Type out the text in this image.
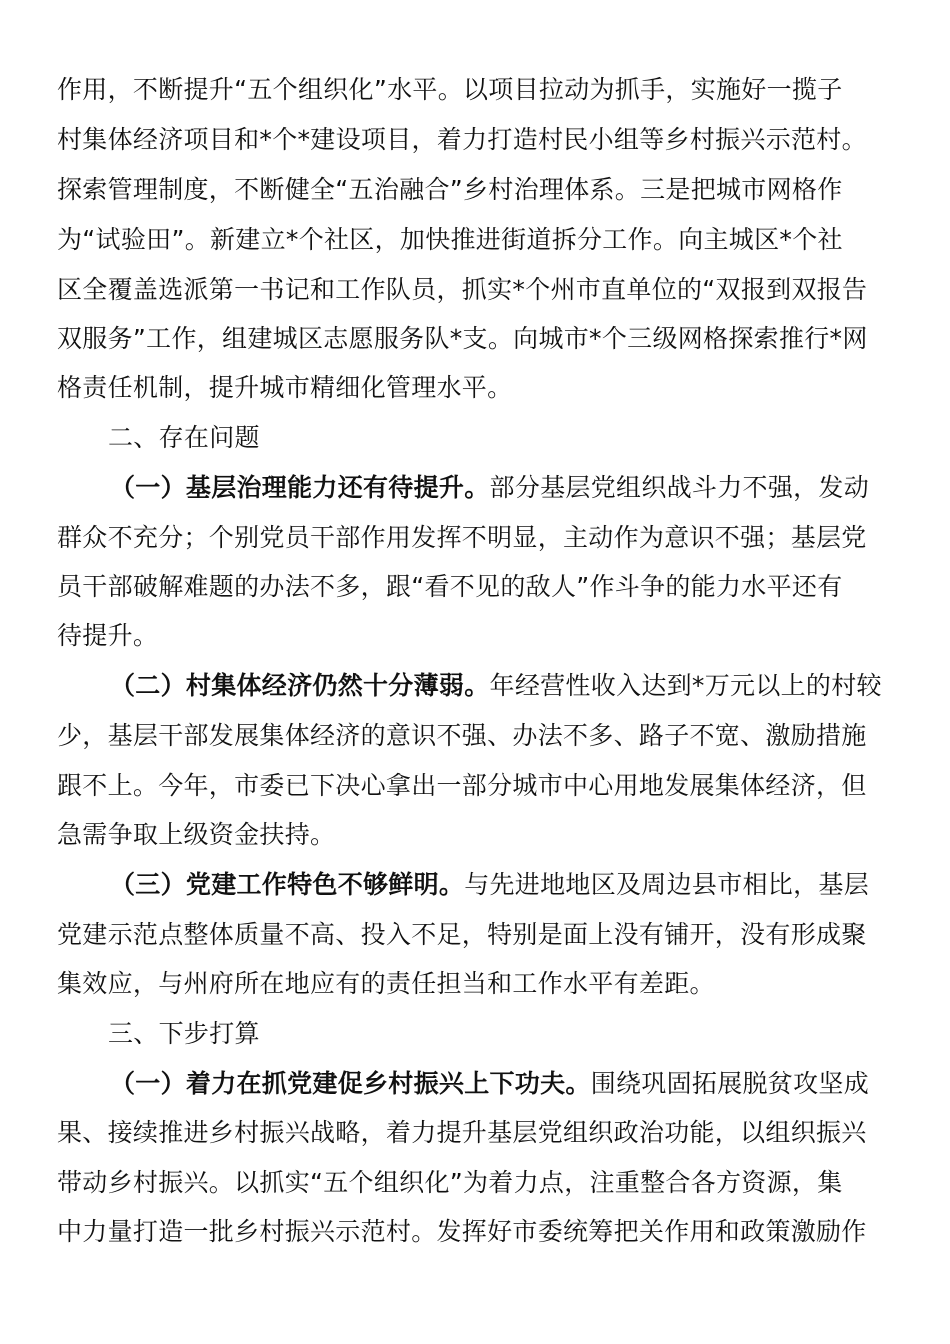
作用，不断提升“五个组织化”水平。以项目拉动为抓手，实施好一揽子
村集体经济项目和*个*建设项目，着力打造村民小组等乡村振兴示范村。
探索管理制度，不断健全“五治融合”乡村治理体系。三是把城市网格作
为“试验田”。新建立*个社区，加快推进街道拆分工作。向主城区*个社
区全覆盖选派第一书记和工作队员，抓实*个州市直单位的“双报到双报告
双服务”工作，组建城区志愿服务队*支。向城市*个三级网格探索推行*网
格责任机制，提升城市精细化管理水平。
二、存在问题
（一）基层治理能力还有待提升。部分基层党组织战斗力不强，发动
群众不充分；个别党员干部作用发挥不明显，主动作为意识不强；基层党
员干部破解难题的办法不多，跟“看不见的敌人”作斗争的能力水平还有
待提升。
（二）村集体经济仍然十分薄弱。年经营性收入达到*万元以上的村较
少，基层干部发展集体经济的意识不强、办法不多、路子不宽、激励措施
跟不上。今年，市委已下决心拿出一部分城市中心用地发展集体经济，但
急需争取上级资金扶持。
（三）党建工作特色不够鲜明。与先进地地区及周边县市相比，基层
党建示范点整体质量不高、投入不足，特别是面上没有铺开，没有形成聚
集效应，与州府所在地应有的责任担当和工作水平有差距。
三、下步打算
（一）着力在抓党建促乡村振兴上下功夫。围绕巩固拓展脱贫攻坚成
果、接续推进乡村振兴战略，着力提升基层党组织政治功能，以组织振兴
带动乡村振兴。以抓实“五个组织化”为着力点，注重整合各方资源，集
中力量打造一批乡村振兴示范村。发挥好市委统筹把关作用和政策激励作
